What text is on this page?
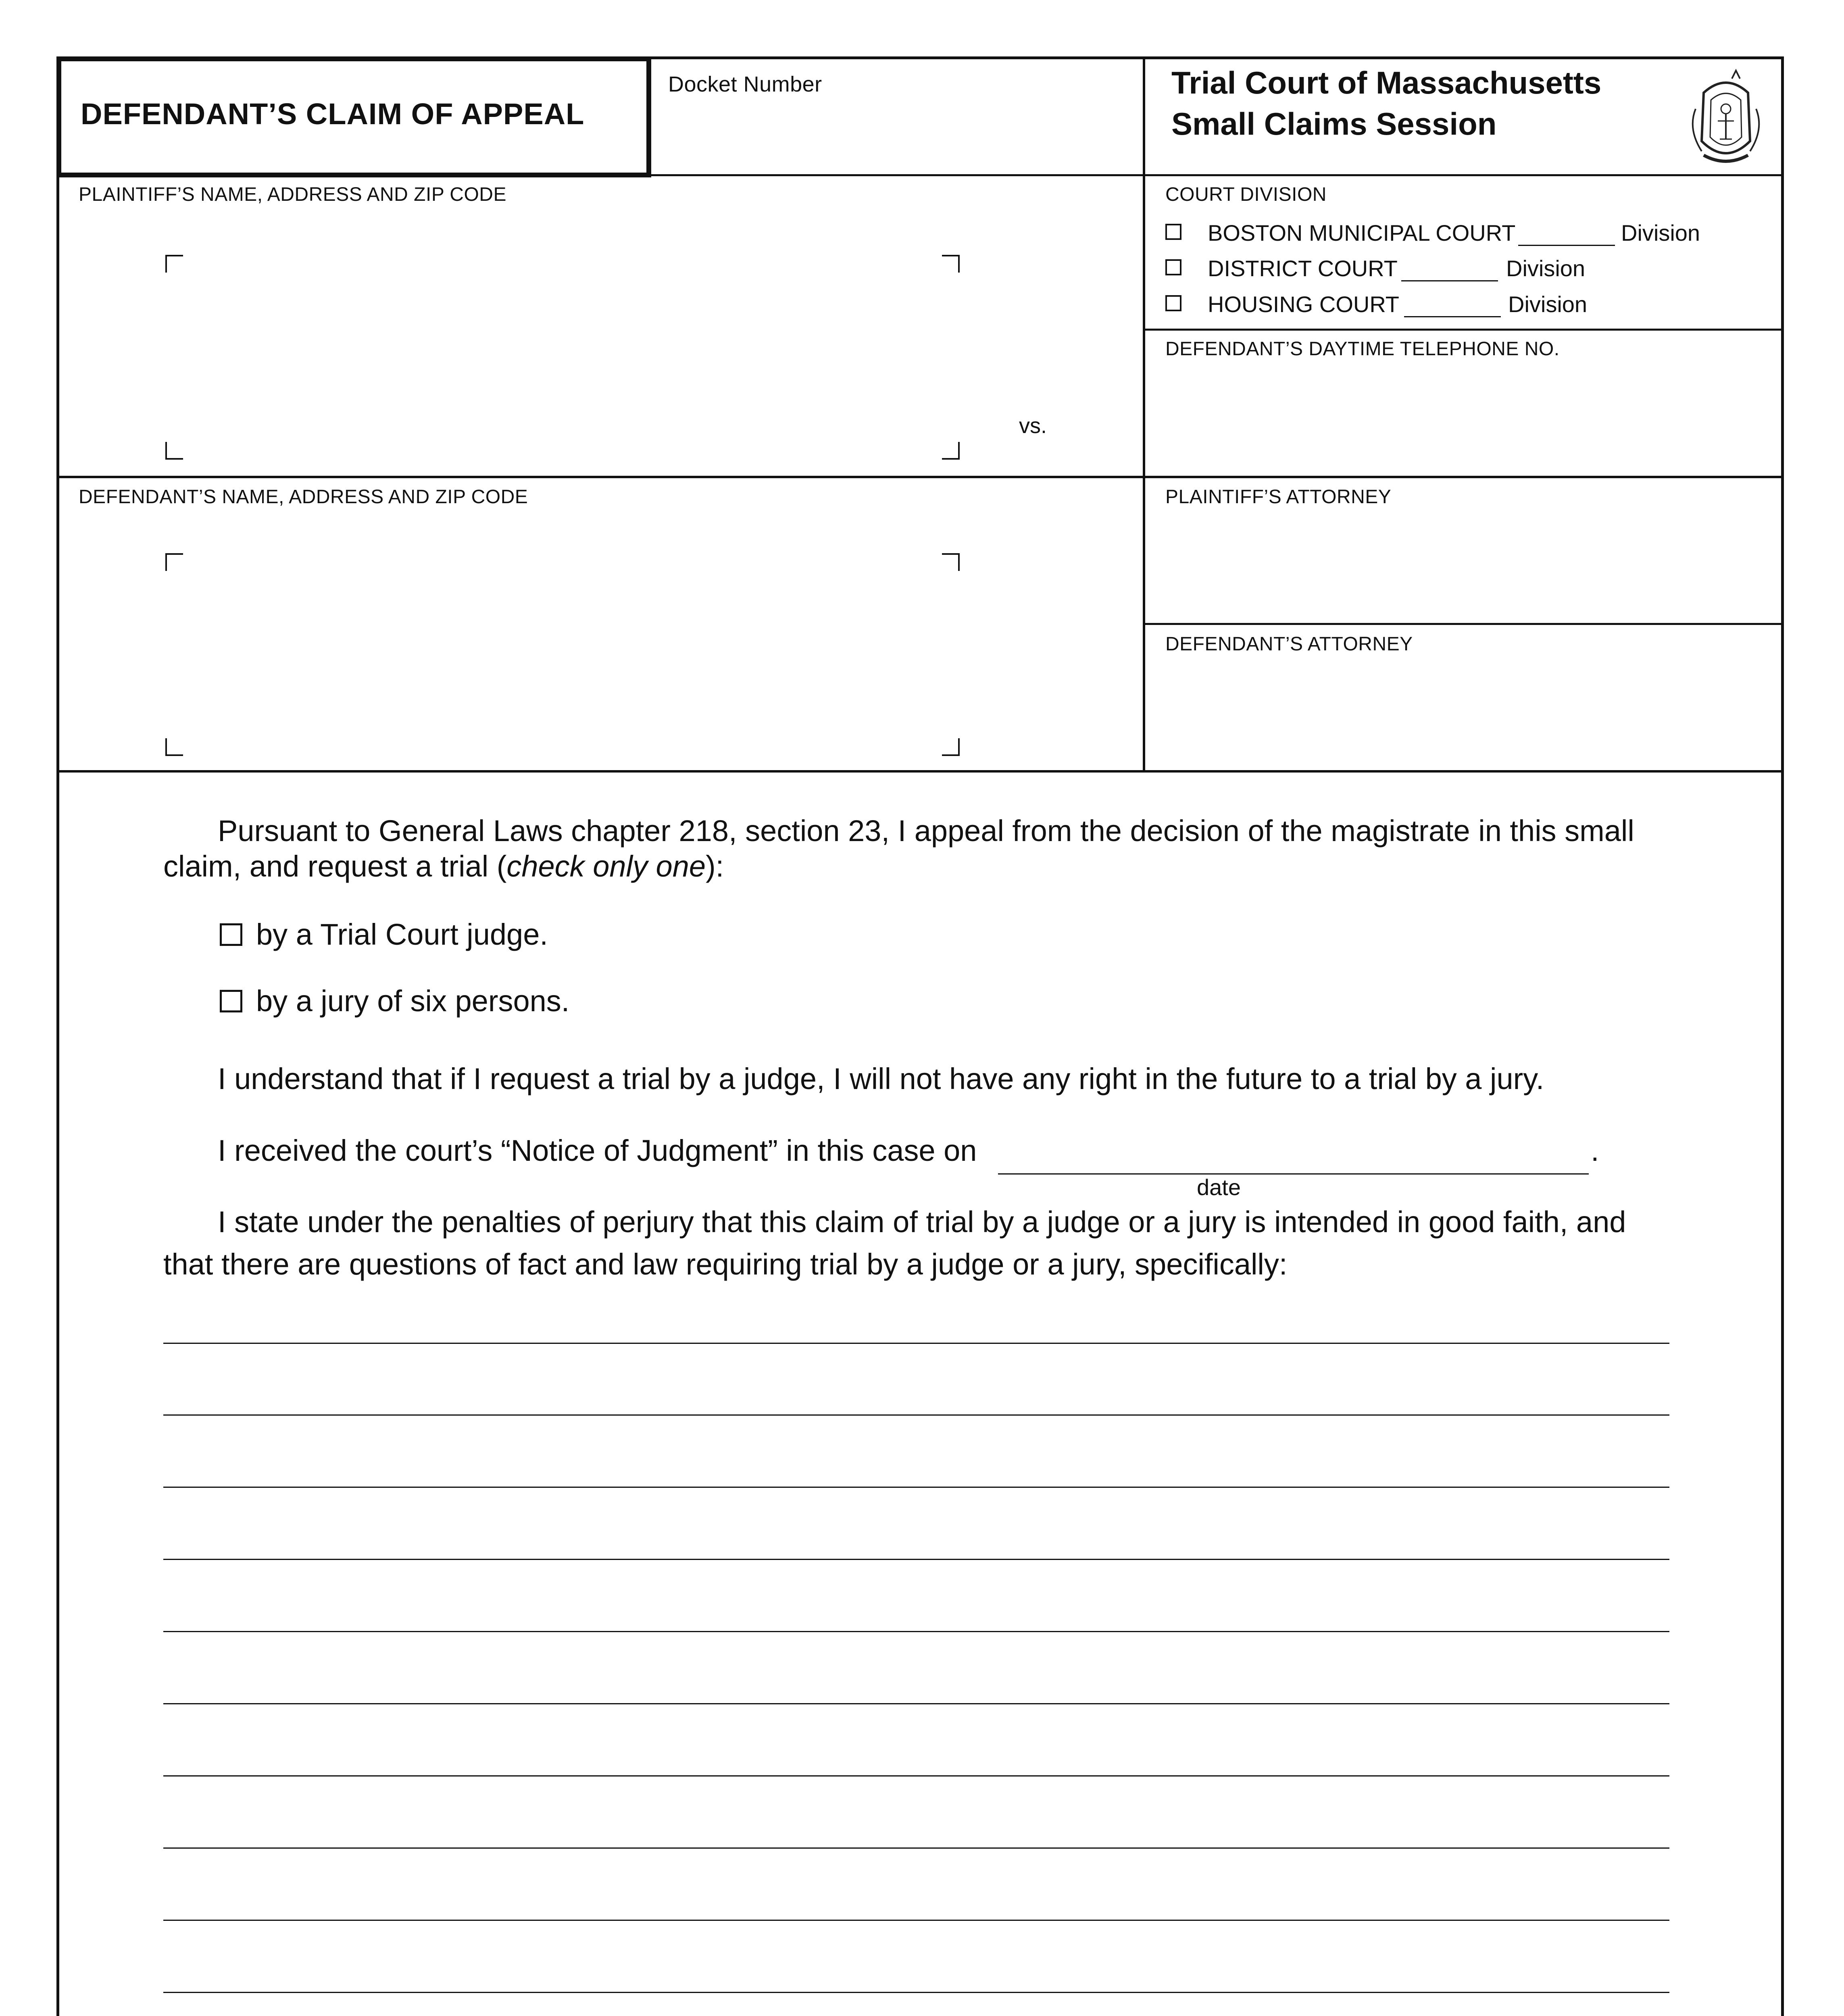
DEFENDANT’S CLAIM OF APPEAL
Docket Number	Trial Court of Massachusetts
Small Claims Session
PLAINTIFF’S NAME, ADDRESS AND ZIP CODE
vs.
COURT DIVISION
BOSTON MUNICIPAL COURT	Division
DISTRICT COURT	Division
HOUSING COURT	Division
DEFENDANT’S DAYTIME TELEPHONE NO.
DEFENDANT’S NAME, ADDRESS AND ZIP CODE	PLAINTIFF’S ATTORNEY
DEFENDANT’S ATTORNEY
Pursuant to General Laws chapter 218, section 23, I appeal from the decision of the magistrate in this small
claim, and request a trial (check only one):
by a Trial Court judge.
by a jury of six persons.
I understand that if I request a trial by a judge, I will not have any right in the future to a trial by a jury.
I received the court’s “Notice of Judgment” in this case on	.
date
I state under the penalties of perjury that this claim of trial by a judge or a jury is intended in good faith, and
that there are questions of fact and law requiring trial by a judge or a jury, specifically:
